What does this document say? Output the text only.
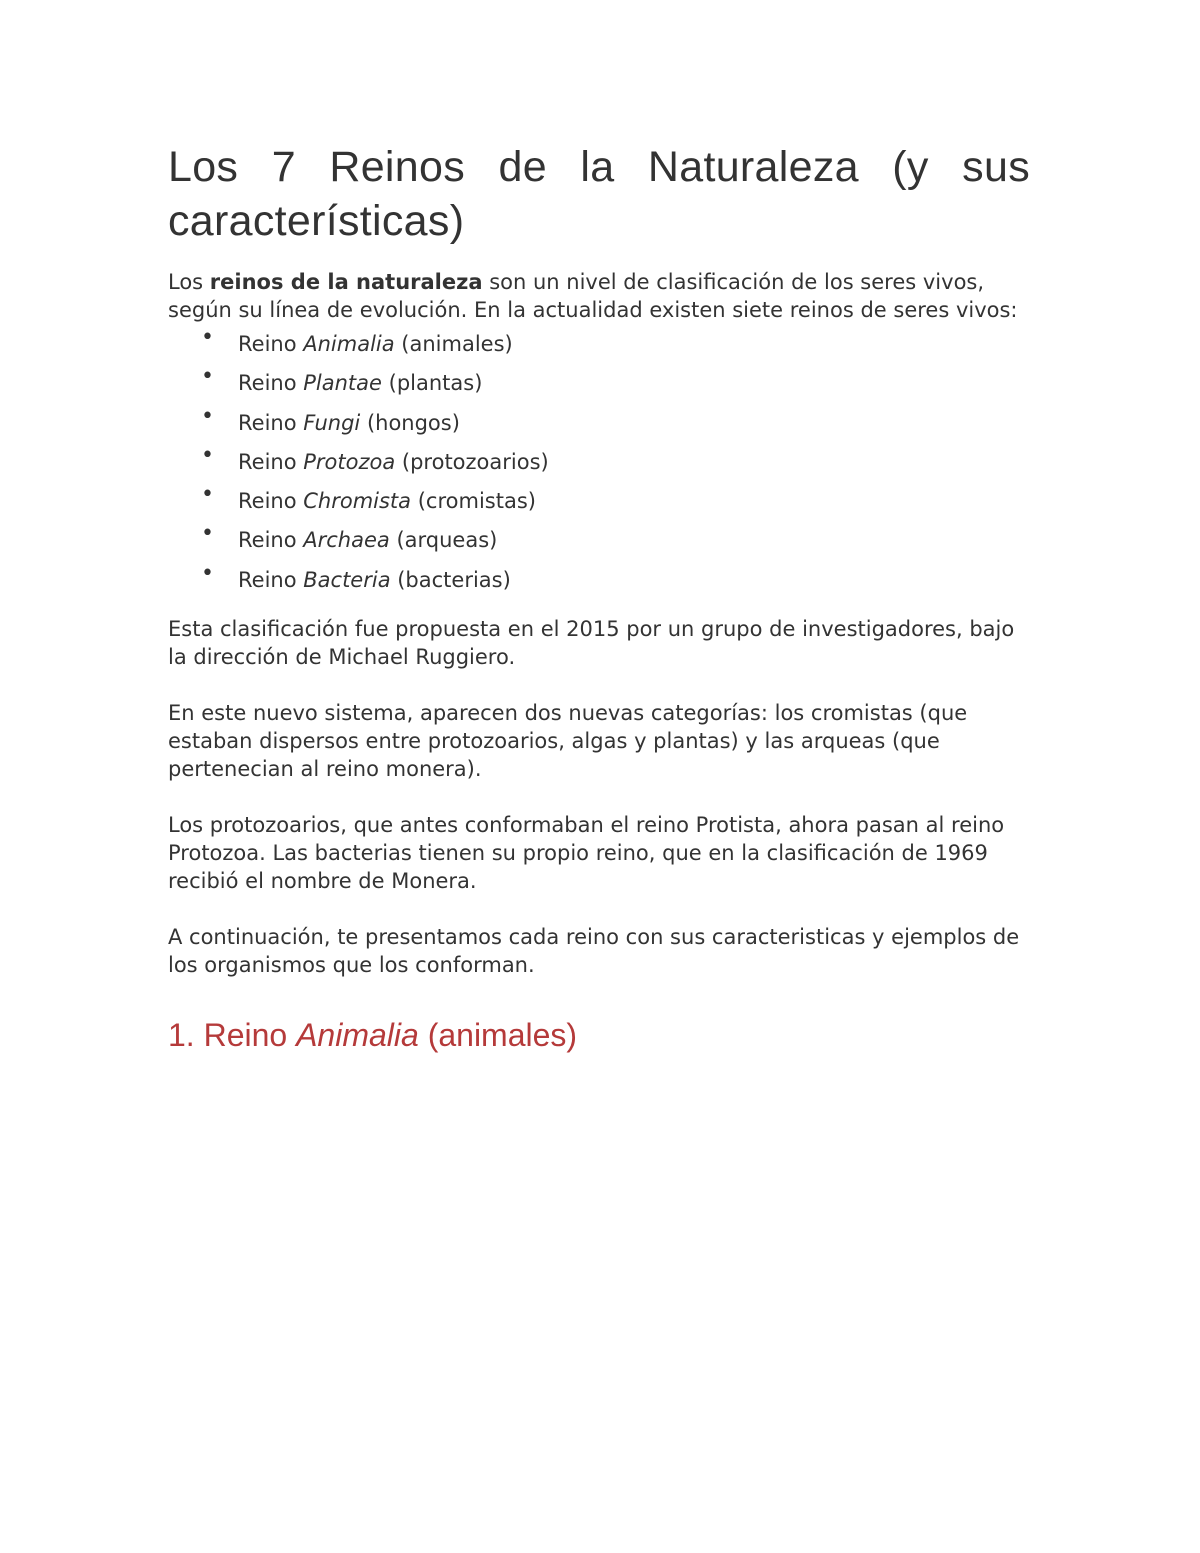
Los 7 Reinos de la Naturaleza (y sus características)

Los reinos de la naturaleza son un nivel de clasificación de los seres vivos, según su línea de evolución. En la actualidad existen siete reinos de seres vivos:

• Reino Animalia (animales)
• Reino Plantae (plantas)
• Reino Fungi (hongos)
• Reino Protozoa (protozoarios)
• Reino Chromista (cromistas)
• Reino Archaea (arqueas)
• Reino Bacteria (bacterias)

Esta clasificación fue propuesta en el 2015 por un grupo de investigadores, bajo la dirección de Michael Ruggiero.

En este nuevo sistema, aparecen dos nuevas categorías: los cromistas (que estaban dispersos entre protozoarios, algas y plantas) y las arqueas (que pertenecian al reino monera).

Los protozoarios, que antes conformaban el reino Protista, ahora pasan al reino Protozoa. Las bacterias tienen su propio reino, que en la clasificación de 1969 recibió el nombre de Monera.

A continuación, te presentamos cada reino con sus caracteristicas y ejemplos de los organismos que los conforman.

1. Reino Animalia (animales)
